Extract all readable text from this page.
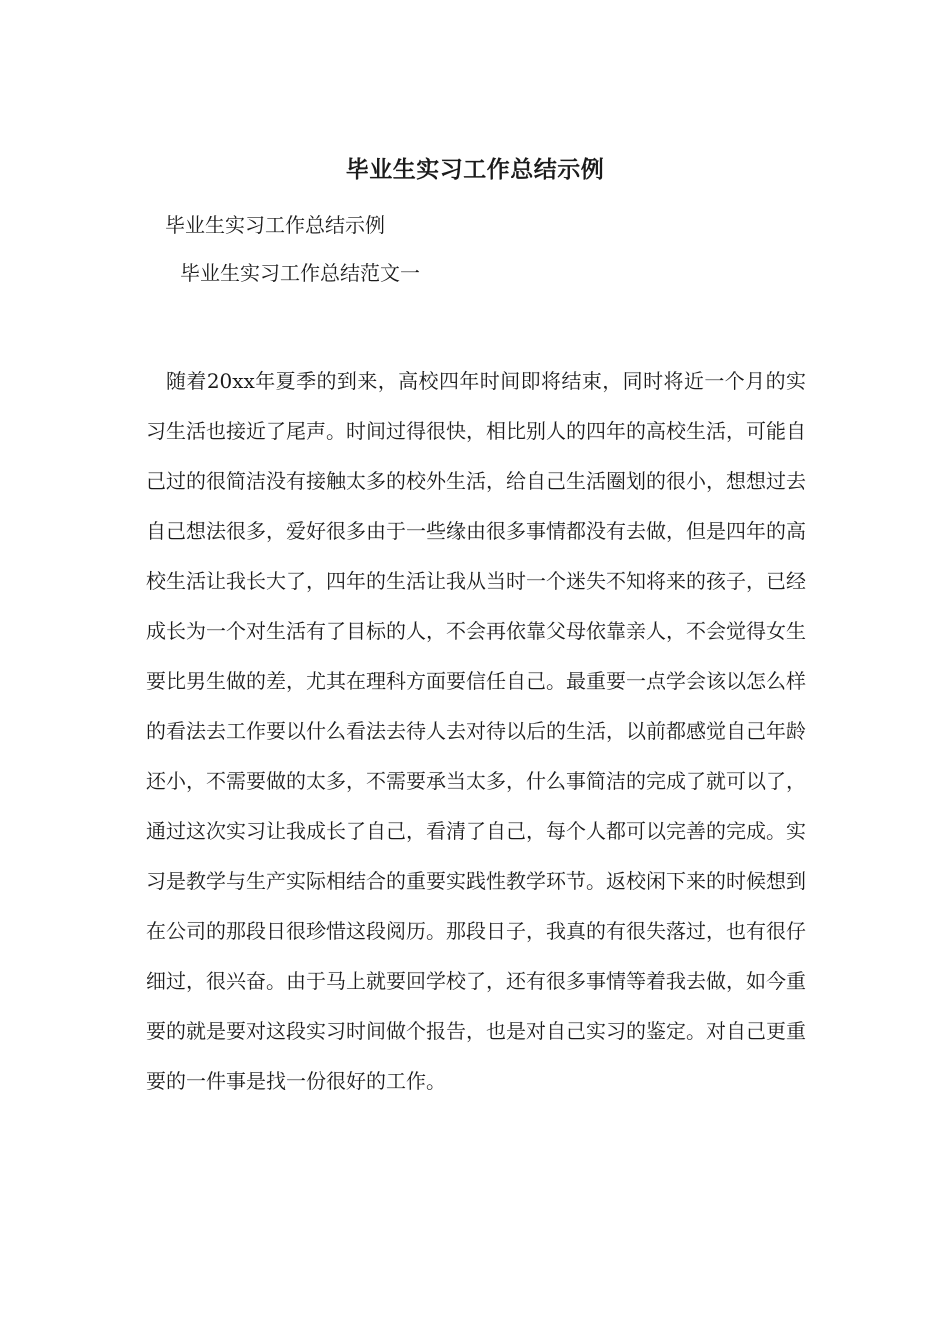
毕业生实习工作总结示例
毕业生实习工作总结示例
毕业生实习工作总结范文一
随着20xx年夏季的到来，高校四年时间即将结束，同时将近一个月的实习生活也接近了尾声。时间过得很快，相比别人的四年的高校生活，可能自己过的很简洁没有接触太多的校外生活，给自己生活圈划的很小，想想过去自己想法很多，爱好很多由于一些缘由很多事情都没有去做，但是四年的高校生活让我长大了，四年的生活让我从当时一个迷失不知将来的孩子，已经成长为一个对生活有了目标的人，不会再依靠父母依靠亲人，不会觉得女生要比男生做的差，尤其在理科方面要信任自己。最重要一点学会该以怎么样的看法去工作要以什么看法去待人去对待以后的生活，以前都感觉自己年龄还小，不需要做的太多，不需要承当太多，什么事简洁的完成了就可以了，通过这次实习让我成长了自己，看清了自己，每个人都可以完善的完成。实习是教学与生产实际相结合的重要实践性教学环节。返校闲下来的时候想到在公司的那段日很珍惜这段阅历。那段日子，我真的有很失落过，也有很仔细过，很兴奋。由于马上就要回学校了，还有很多事情等着我去做，如今重要的就是要对这段实习时间做个报告，也是对自己实习的鉴定。对自己更重要的一件事是找一份很好的工作。
